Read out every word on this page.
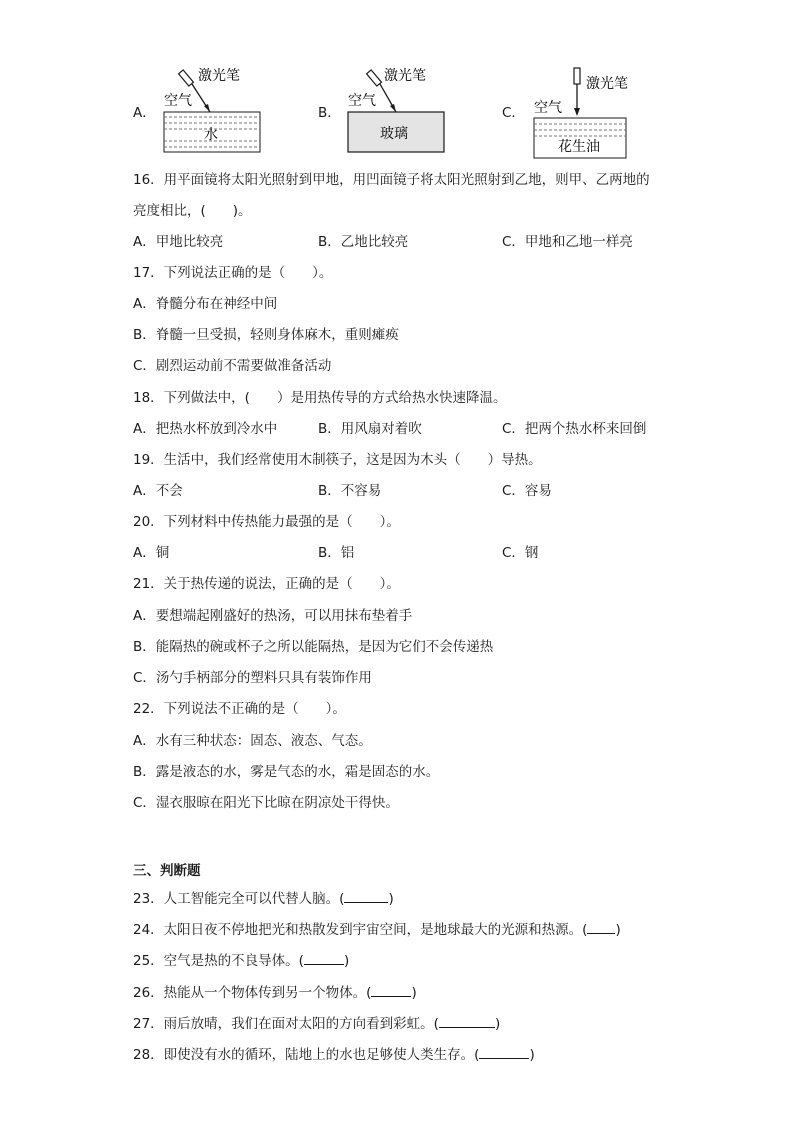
A．
激光笔
空气
水
B．
激光笔
空气
玻璃
C．
激光笔
空气
花生油
16．用平面镜将太阳光照射到甲地，用凹面镜子将太阳光照射到乙地，则甲、乙两地的
亮度相比，(　　)。
A．甲地比较亮	B．乙地比较亮	C．甲地和乙地一样亮
17．下列说法正确的是（　　）。
A．脊髓分布在神经中间
B．脊髓一旦受损，轻则身体麻木，重则瘫痪
C．剧烈运动前不需要做准备活动
18．下列做法中，(　　）是用热传导的方式给热水快速降温。
A．把热水杯放到冷水中	B．用风扇对着吹	C．把两个热水杯来回倒
19．生活中，我们经常使用木制筷子，这是因为木头（　　）导热。
A．不会	B．不容易	C．容易
20．下列材料中传热能力最强的是（　　）。
A．铜	B．铝	C．钢
21．关于热传递的说法，正确的是（　　）。
A．要想端起刚盛好的热汤，可以用抹布垫着手
B．能隔热的碗或杯子之所以能隔热，是因为它们不会传递热
C．汤勺手柄部分的塑料只具有装饰作用
22．下列说法不正确的是（　　）。
A．水有三种状态：固态、液态、气态。
B．露是液态的水，雾是气态的水，霜是固态的水。
C．湿衣服晾在阳光下比晾在阴凉处干得快。
三、判断题
23．人工智能完全可以代替人脑。(	)
24．太阳日夜不停地把光和热散发到宇宙空间，是地球最大的光源和热源。( )
25．空气是热的不良导体。(	)
26．热能从一个物体传到另一个物体。(	)
27．雨后放晴，我们在面对太阳的方向看到彩虹。(	)
28．即使没有水的循环，陆地上的水也足够使人类生存。(	)
